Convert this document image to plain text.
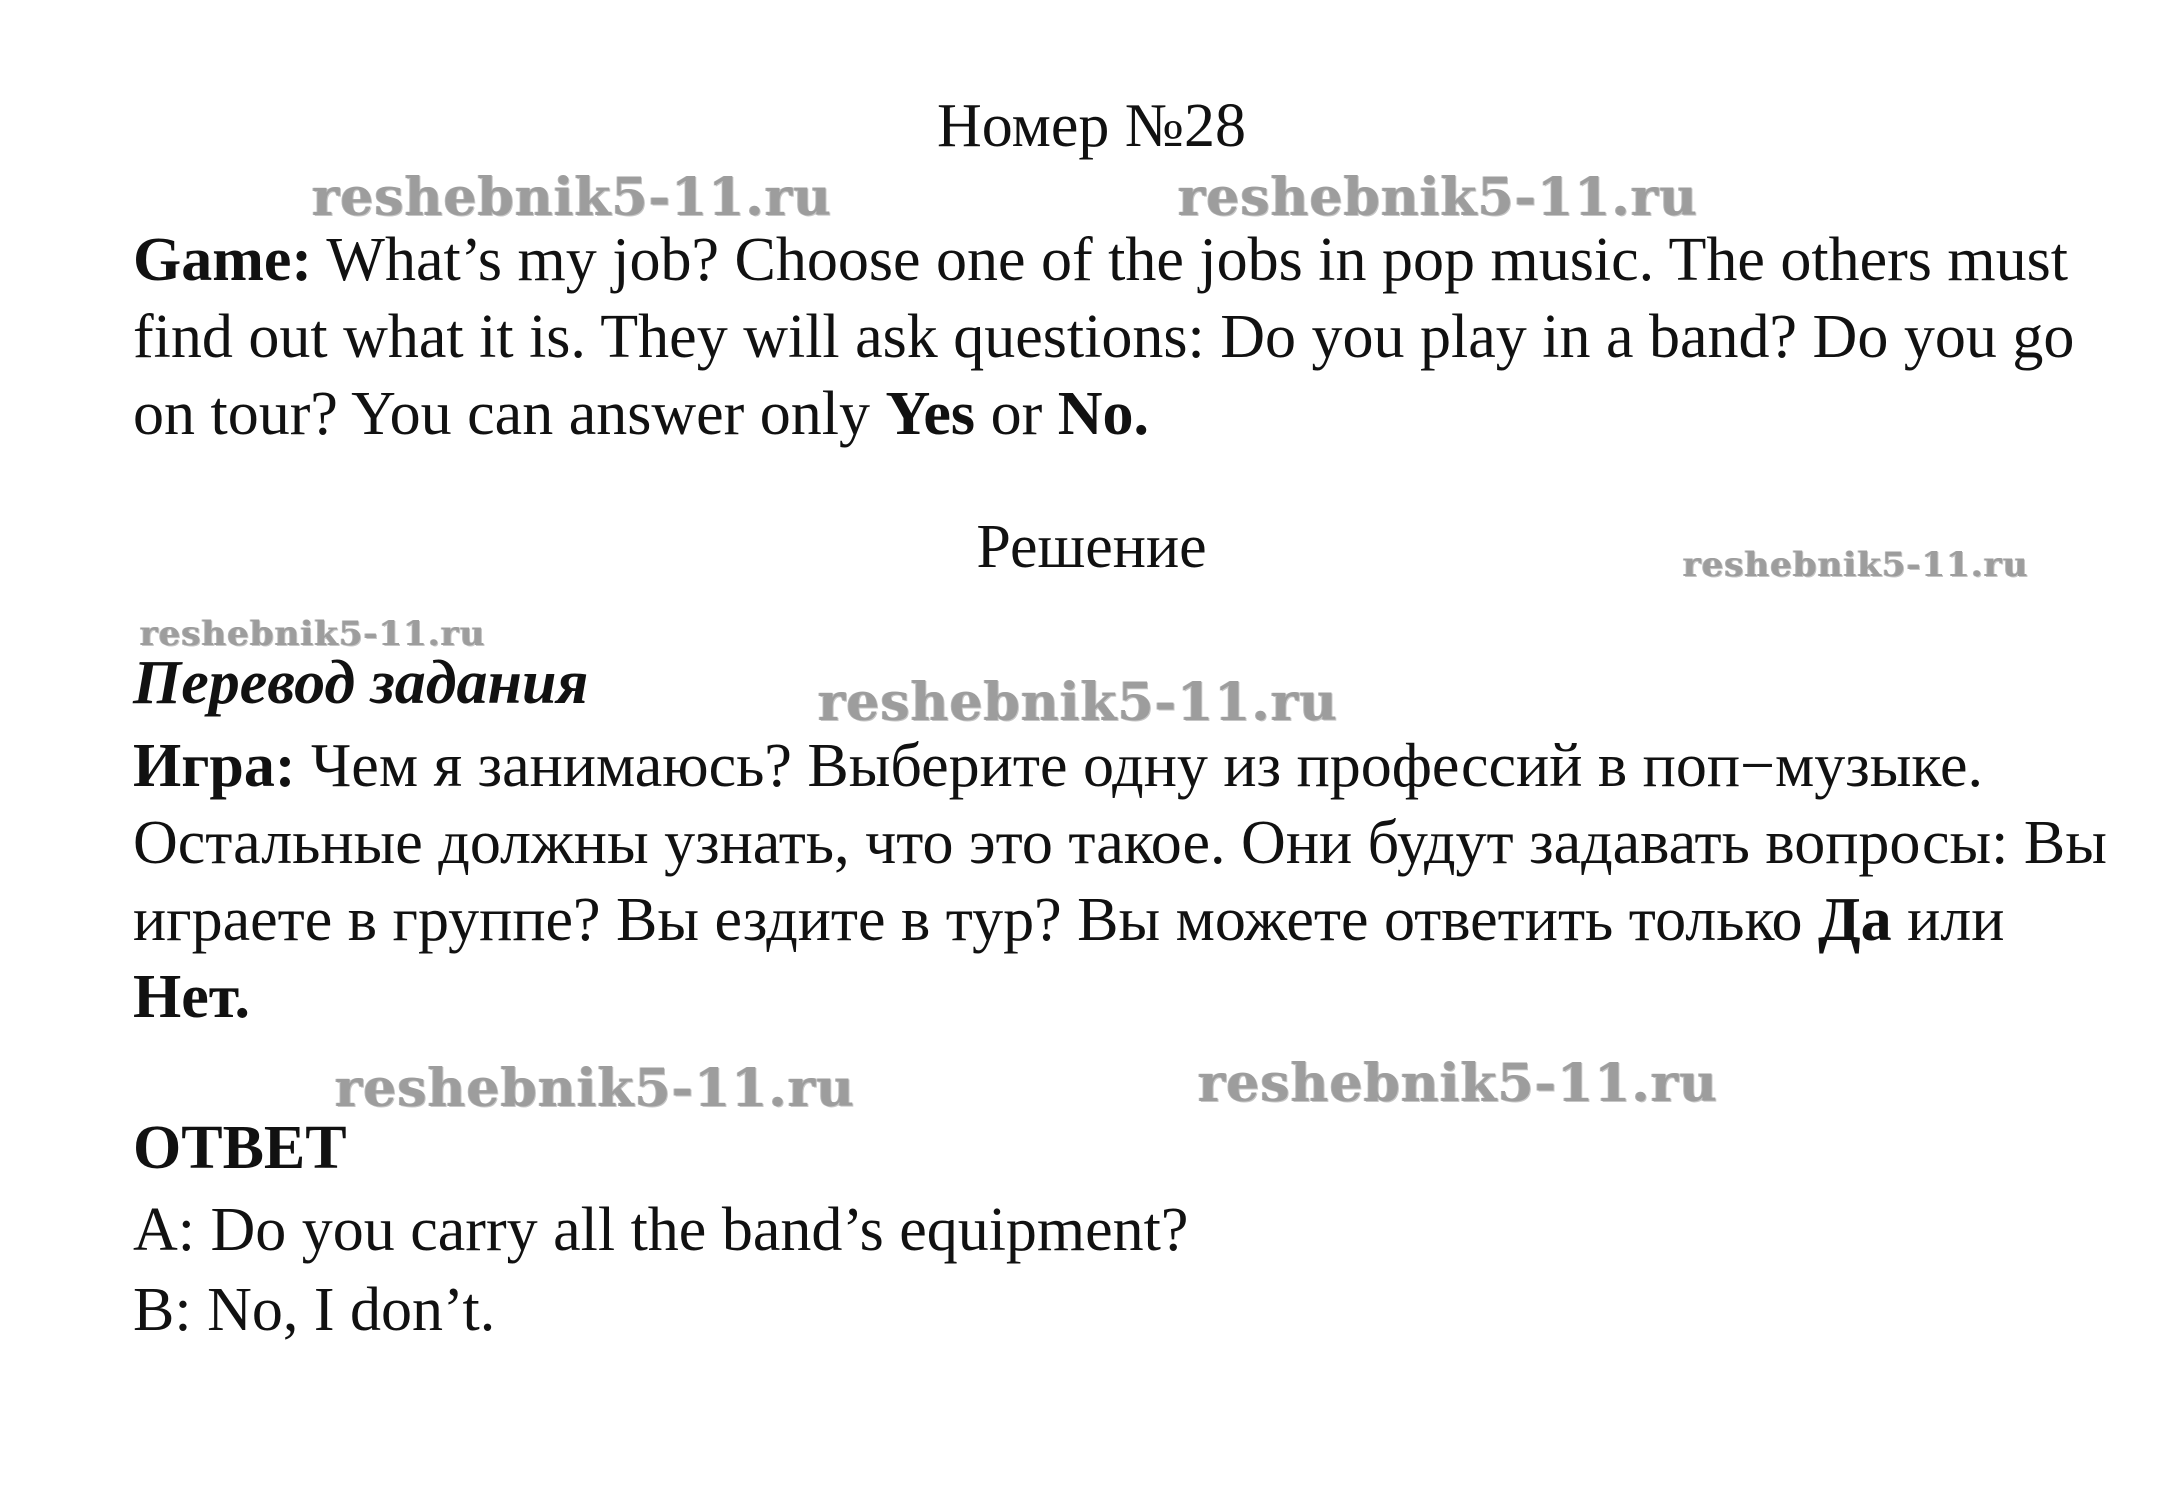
Номер №28
reshebnik5-11.ru	reshebnik5-11.ru
Game: What’s my job? Choose one of the jobs in pop music. The others must find out what it is. They will ask questions: Do you play in a band? Do you go on tour? You can answer only Yes or No.
Решение	reshebnik5-11.ru
reshebnik5-11.ru
Перевод задания	reshebnik5-11.ru
Игра: Чем я занимаюсь? Выберите одну из профессий в поп−музыке. Остальные должны узнать, что это такое. Они будут задавать вопросы: Вы играете в группе? Вы ездите в тур? Вы можете ответить только Да или Нет.
reshebnik5-11.ru	reshebnik5-11.ru
ОТВЕТ
A: Do you carry all the band’s equipment?
B: No, I don’t.
